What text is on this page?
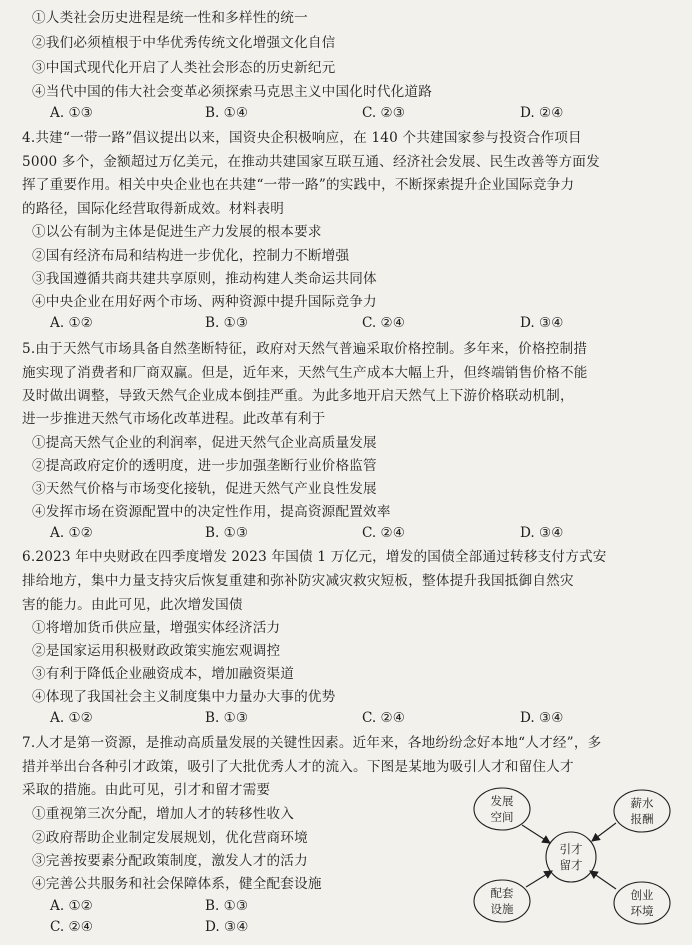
①人类社会历史进程是统一性和多样性的统一
②我们必须植根于中华优秀传统文化增强文化自信
③中国式现代化开启了人类社会形态的历史新纪元
④当代中国的伟大社会变革必须探索马克思主义中国化时代化道路
A. ①③	B. ①④	C. ②③	D. ②④
4.共建“一带一路”倡议提出以来，国资央企积极响应，在 140 个共建国家参与投资合作项目
5000 多个，金额超过万亿美元，在推动共建国家互联互通、经济社会发展、民生改善等方面发
挥了重要作用。相关中央企业也在共建“一带一路”的实践中，不断探索提升企业国际竞争力
的路径，国际化经营取得新成效。材料表明
①以公有制为主体是促进生产力发展的根本要求
②国有经济布局和结构进一步优化，控制力不断增强
③我国遵循共商共建共享原则，推动构建人类命运共同体
④中央企业在用好两个市场、两种资源中提升国际竞争力
A. ①②	B. ①③	C. ②④	D. ③④
5.由于天然气市场具备自然垄断特征，政府对天然气普遍采取价格控制。多年来，价格控制措
施实现了消费者和厂商双赢。但是，近年来，天然气生产成本大幅上升，但终端销售价格不能
及时做出调整，导致天然气企业成本倒挂严重。为此多地开启天然气上下游价格联动机制，
进一步推进天然气市场化改革进程。此改革有利于
①提高天然气企业的利润率，促进天然气企业高质量发展
②提高政府定价的透明度，进一步加强垄断行业价格监管
③天然气价格与市场变化接轨，促进天然气产业良性发展
④发挥市场在资源配置中的决定性作用，提高资源配置效率
A. ①②	B. ①③	C. ②④	D. ③④
6.2023 年中央财政在四季度增发 2023 年国债 1 万亿元，增发的国债全部通过转移支付方式安
排给地方，集中力量支持灾后恢复重建和弥补防灾减灾救灾短板，整体提升我国抵御自然灾
害的能力。由此可见，此次增发国债
①将增加货币供应量，增强实体经济活力
②是国家运用积极财政政策实施宏观调控
③有利于降低企业融资成本，增加融资渠道
④体现了我国社会主义制度集中力量办大事的优势
A. ①②	B. ①③	C. ②④	D. ③④
7.人才是第一资源，是推动高质量发展的关键性因素。近年来，各地纷纷念好本地“人才经”，多
措并举出台各种引才政策，吸引了大批优秀人才的流入。下图是某地为吸引人才和留住人才
采取的措施。由此可见，引才和留才需要
①重视第三次分配，增加人才的转移性收入
②政府帮助企业制定发展规划，优化营商环境
③完善按要素分配政策制度，激发人才的活力
④完善公共服务和社会保障体系，健全配套设施
A. ①②	B. ①③
C. ②④	D. ③④
引才
留才
发展
空间
薪水
报酬
配套
设施
创业
环境
